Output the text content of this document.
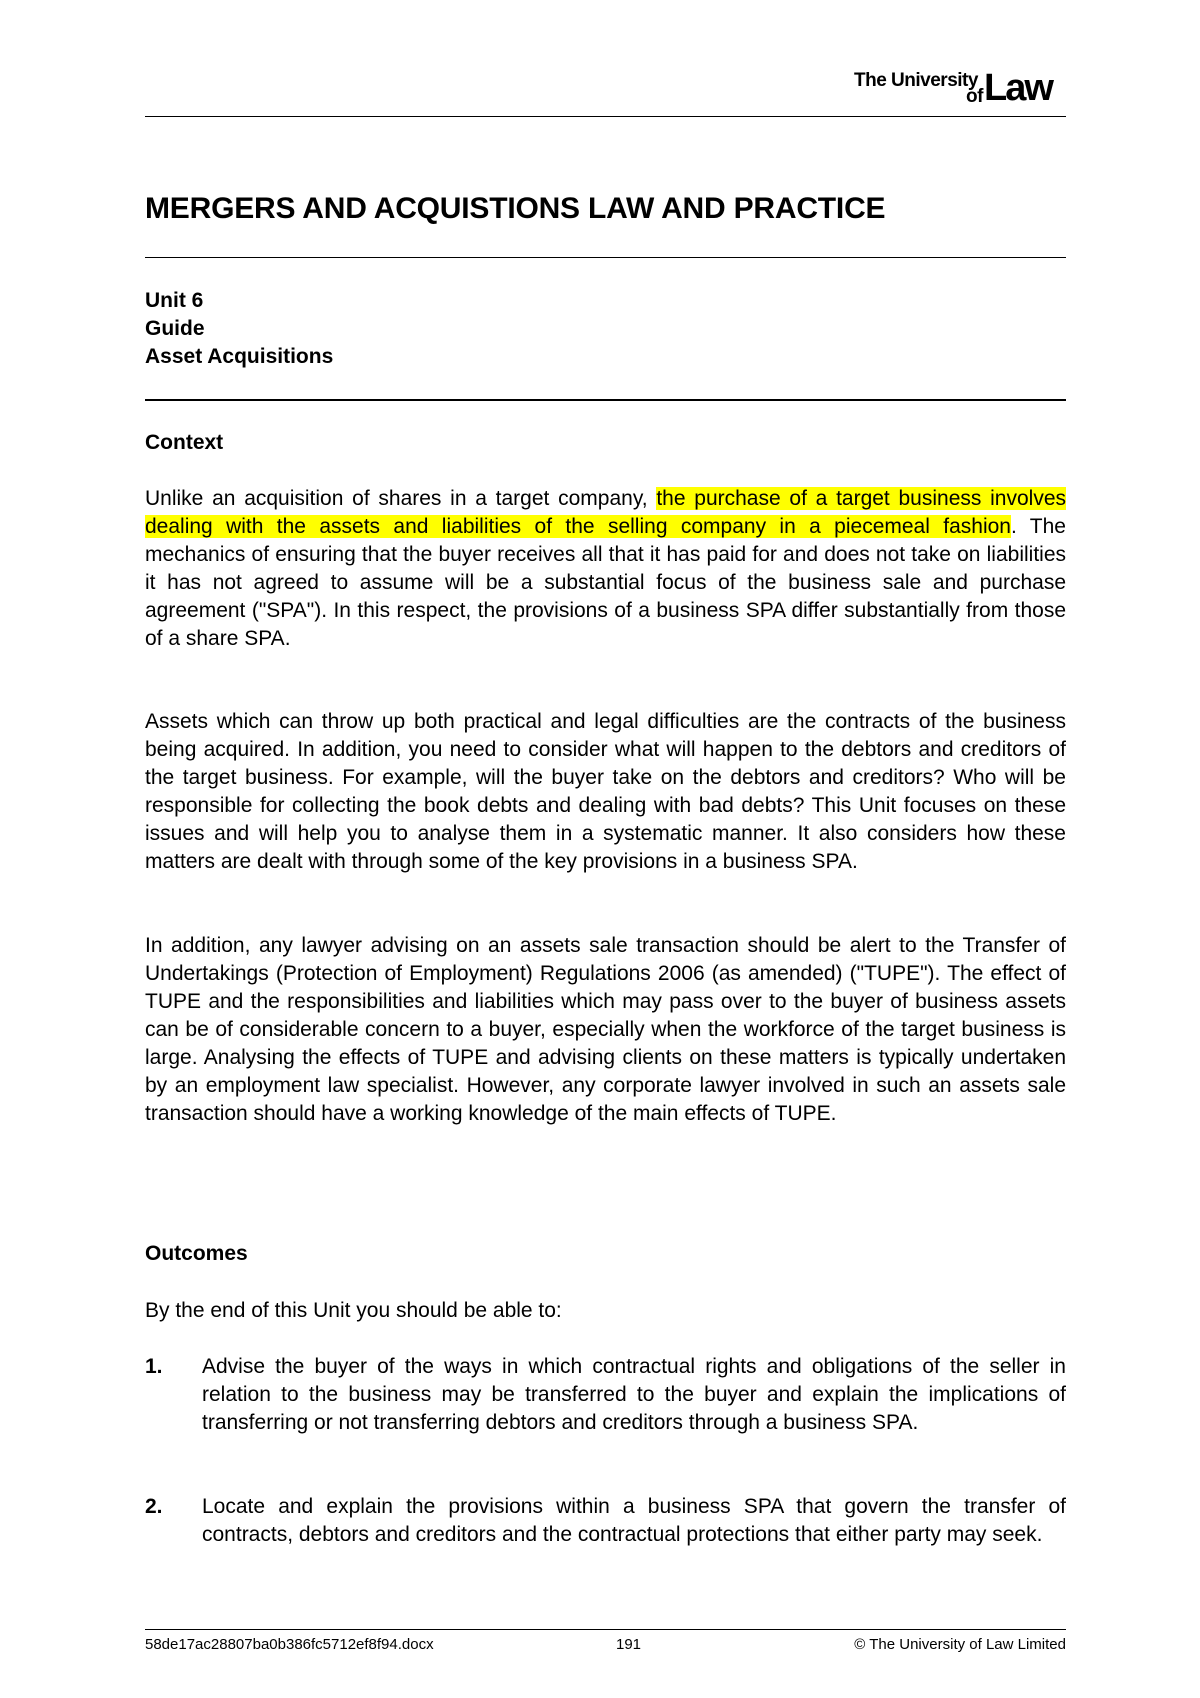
The University
of Law
MERGERS AND ACQUISTIONS LAW AND PRACTICE
Unit 6
Guide
Asset Acquisitions
Context
Unlike an acquisition of shares in a target company, the purchase of a target business involves dealing with the assets and liabilities of the selling company in a piecemeal fashion. The mechanics of ensuring that the buyer receives all that it has paid for and does not take on liabilities it has not agreed to assume will be a substantial focus of the business sale and purchase agreement ("SPA"). In this respect, the provisions of a business SPA differ substantially from those of a share SPA.
Assets which can throw up both practical and legal difficulties are the contracts of the business being acquired. In addition, you need to consider what will happen to the debtors and creditors of the target business. For example, will the buyer take on the debtors and creditors? Who will be responsible for collecting the book debts and dealing with bad debts? This Unit focuses on these issues and will help you to analyse them in a systematic manner. It also considers how these matters are dealt with through some of the key provisions in a business SPA.
In addition, any lawyer advising on an assets sale transaction should be alert to the Transfer of Undertakings (Protection of Employment) Regulations 2006 (as amended) ("TUPE"). The effect of TUPE and the responsibilities and liabilities which may pass over to the buyer of business assets can be of considerable concern to a buyer, especially when the workforce of the target business is large. Analysing the effects of TUPE and advising clients on these matters is typically undertaken by an employment law specialist. However, any corporate lawyer involved in such an assets sale transaction should have a working knowledge of the main effects of TUPE.
Outcomes
By the end of this Unit you should be able to:
1. Advise the buyer of the ways in which contractual rights and obligations of the seller in relation to the business may be transferred to the buyer and explain the implications of transferring or not transferring debtors and creditors through a business SPA.
2. Locate and explain the provisions within a business SPA that govern the transfer of contracts, debtors and creditors and the contractual protections that either party may seek.
58de17ac28807ba0b386fc5712ef8f94.docx	191	© The University of Law Limited
